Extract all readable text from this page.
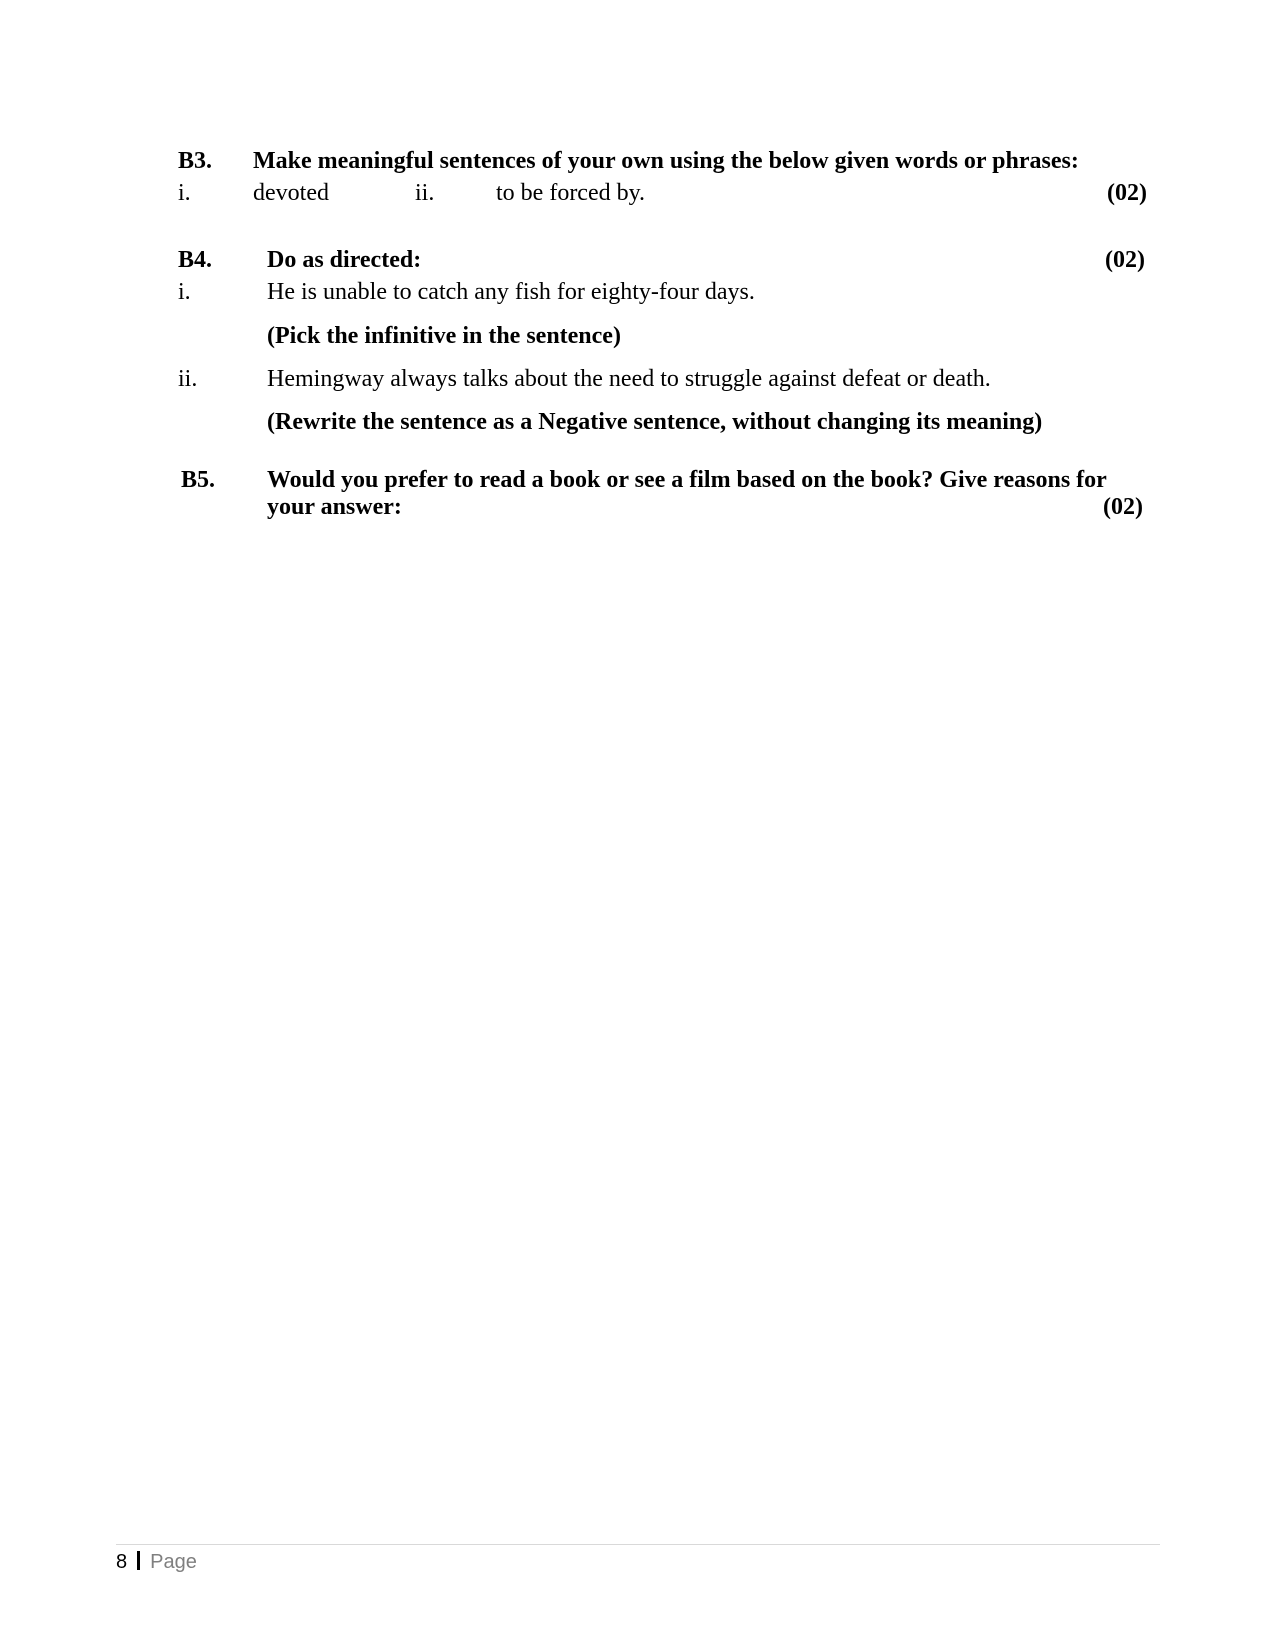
B3. Make meaningful sentences of your own using the below given words or phrases:
i.	devoted	ii.	to be forced by.	(02)
B4. Do as directed:	(02)
i.	He is unable to catch any fish for eighty-four days.
(Pick the infinitive in the sentence)
ii.	Hemingway always talks about the need to struggle against defeat or death.
(Rewrite the sentence as a Negative sentence, without changing its meaning)
B5. Would you prefer to read a book or see a film based on the book? Give reasons for
your answer:	(02)
8 Page
